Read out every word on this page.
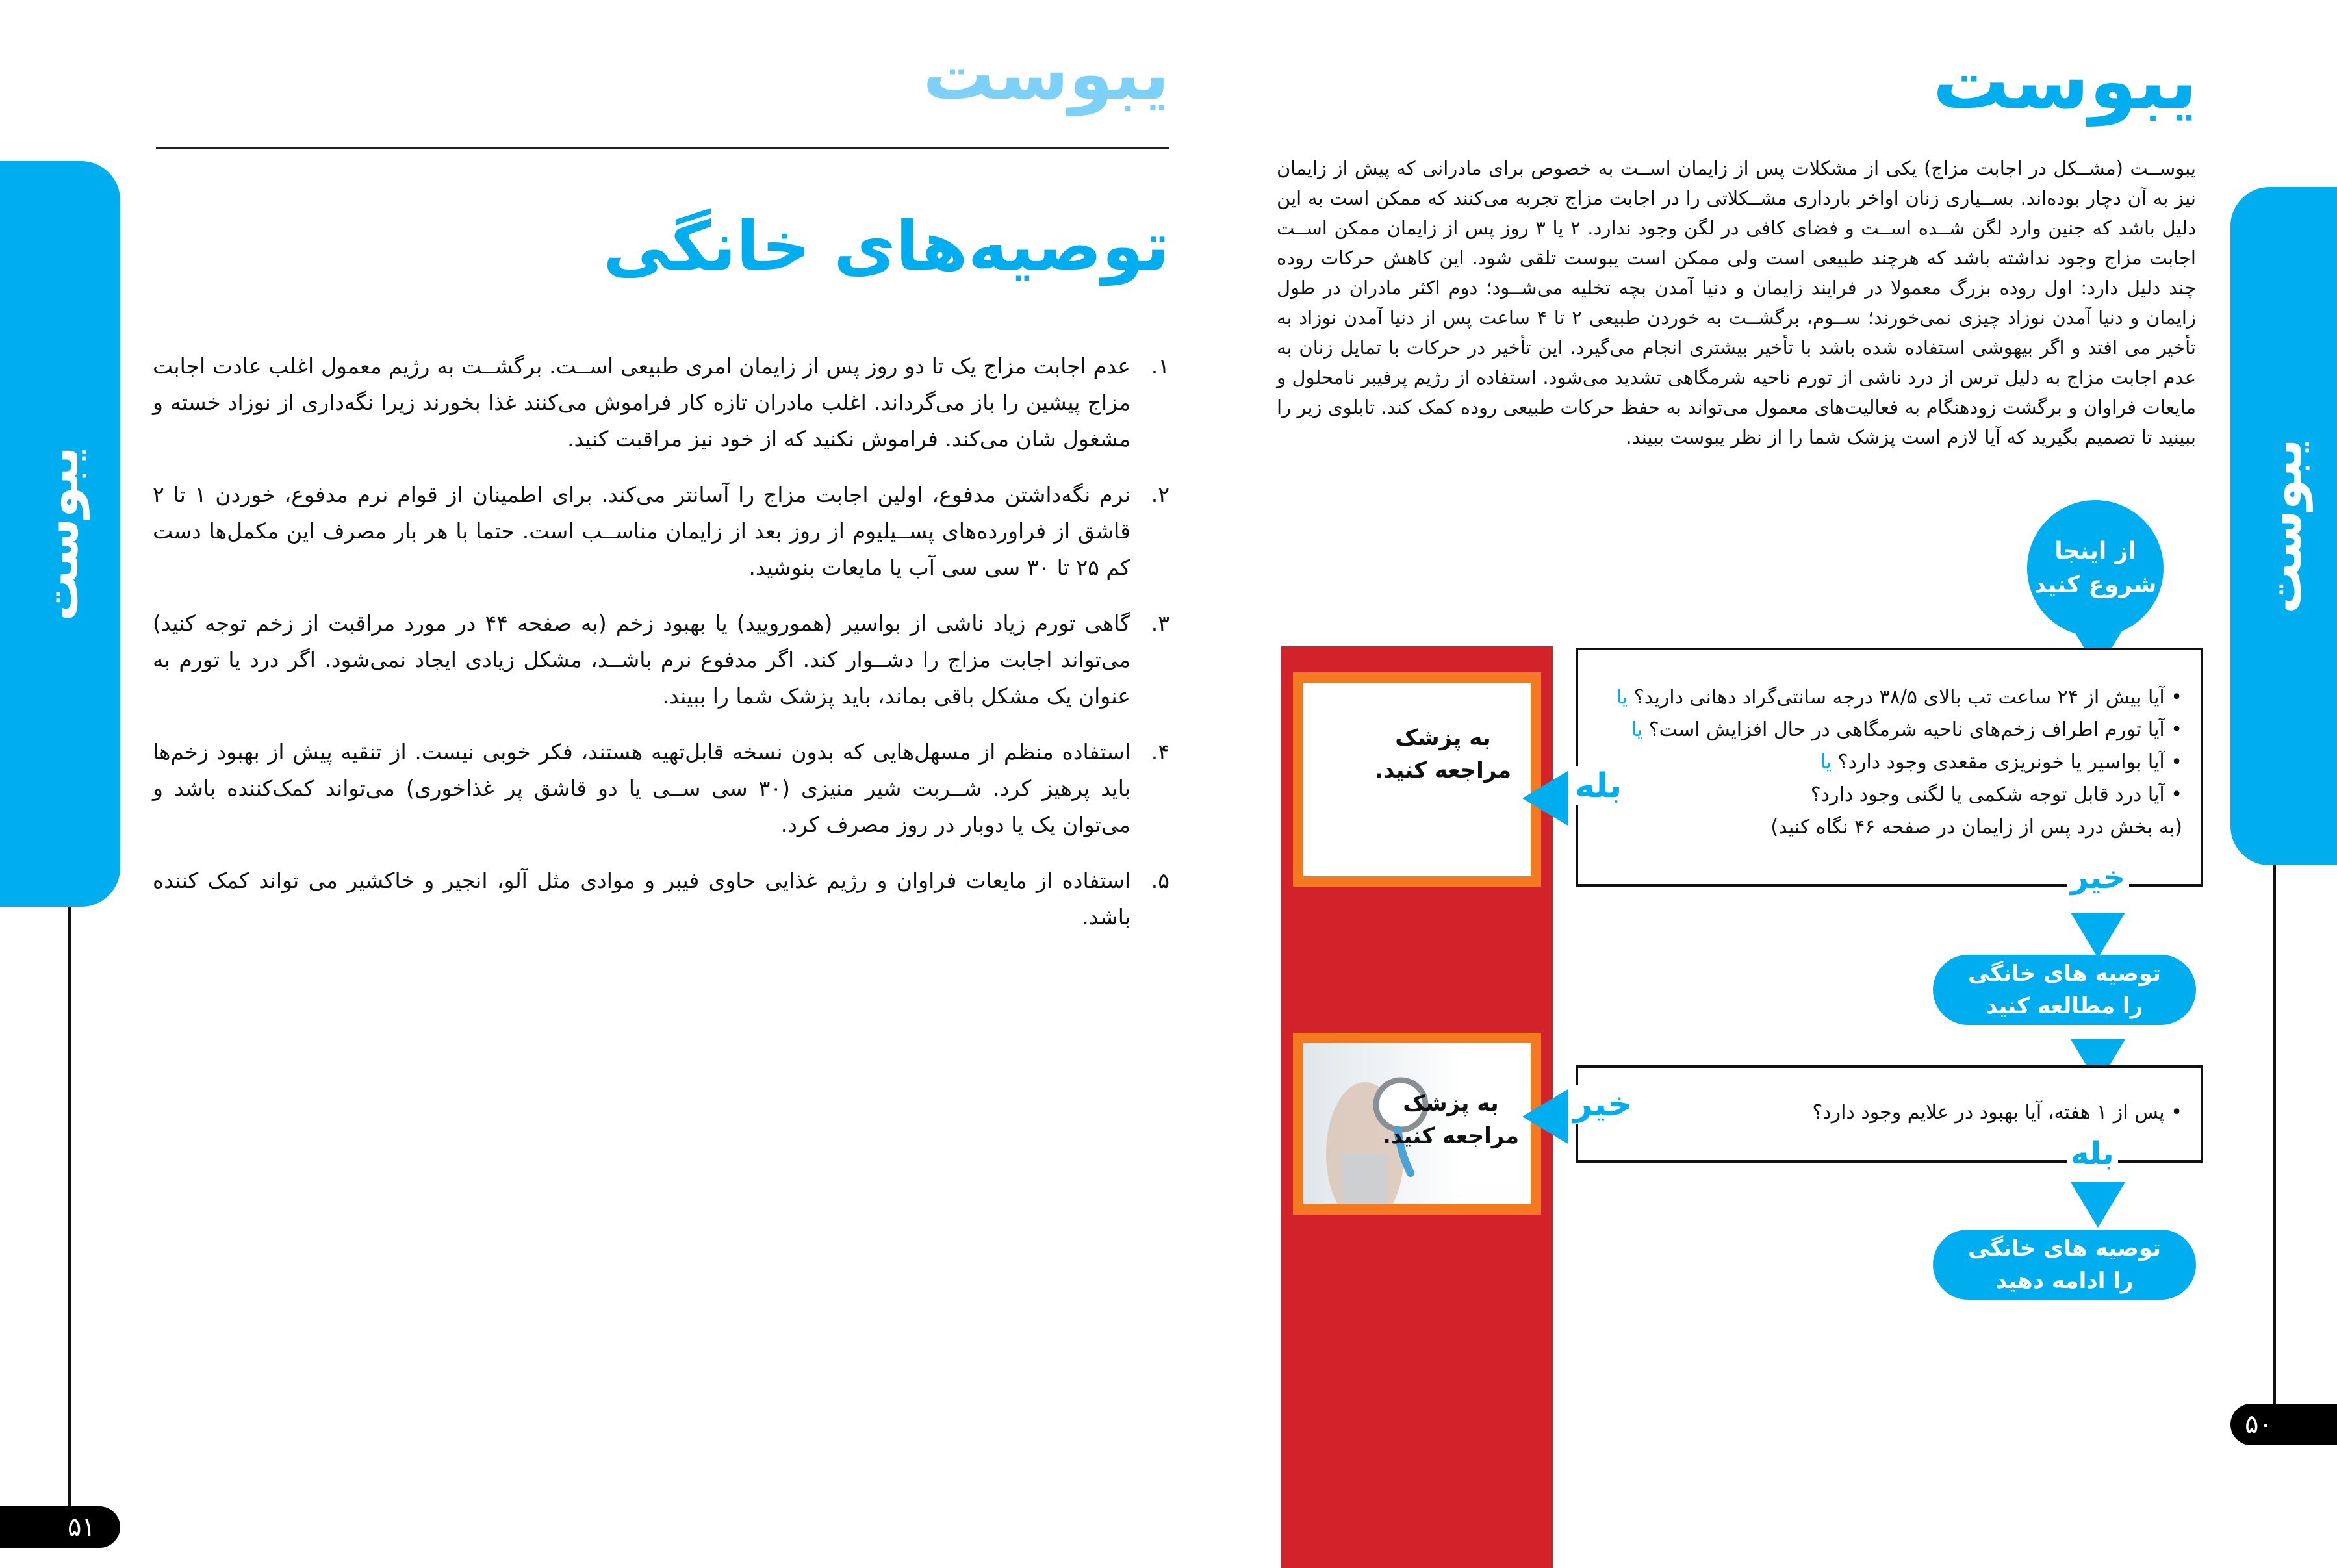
یبوست
۵۱
یبوست
توصیه‌های خانگی
۱.
عدم اجابت مزاج یک تا دو روز پس از زایمان امری طبیعی اســت. برگشــت به رژیم معمول اغلب عادت اجابت مزاج پیشین را باز می‌گرداند. اغلب مادران تازه کار فراموش می‌کنند غذا بخورند زیرا نگه‌داری از نوزاد خسته و مشغول شان می‌کند. فراموش نکنید که از خود نیز مراقبت کنید.
۲.
نرم نگه‌داشتن مدفوع، اولین اجابت مزاج را آسانتر می‌کند. برای اطمینان از قوام نرم مدفوع، خوردن ۱ تا ۲ قاشق از فراورده‌های پســیلیوم از روز بعد از زایمان مناســب است. حتما با هر بار مصرف این مکمل‌ها دست کم ۲۵ تا ۳۰ سی سی آب یا مایعات بنوشید.
۳.
گاهی تورم زیاد ناشی از بواسیر (هموروييد) یا بهبود زخم (به صفحه ۴۴ در مورد مراقبت از زخم توجه کنید) می‌تواند اجابت مزاج را دشــوار کند. اگر مدفوع نرم باشــد، مشکل زیادی ایجاد نمی‌شود. اگر درد یا تورم به عنوان یک مشکل باقی بماند، باید پزشک شما را ببیند.
۴.
استفاده منظم از مسهل‌هایی که بدون نسخه قابل‌تهیه هستند، فکر خوبی نیست. از تنقیه پیش از بهبود زخم‌ها باید پرهیز کرد. شــربت شیر منیزی (۳۰ سی ســی یا دو قاشق پر غذاخوری) می‌تواند کمک‌کننده باشد و می‌توان یک یا دوبار در روز مصرف کرد.
۵.
استفاده از مایعات فراوان و رژیم غذایی حاوی فیبر و موادی مثل آلو، انجیر و خاکشیر می تواند کمک کننده باشد.
یبوست
۵۰
یبوست
یبوســت (مشــکل در اجابت مزاج) یکی از مشکلات پس از زایمان اســت به خصوص برای مادرانی که پیش از زایمان نیز به آن دچار بوده‌اند. بســیاری زنان اواخر بارداری مشــکلاتی را در اجابت مزاج تجربه می‌کنند که ممکن است به این دلیل باشد که جنین وارد لگن شــده اســت و فضای کافی در لگن وجود ندارد. ۲ یا ۳ روز پس از زایمان ممکن اســت اجابت مزاج وجود نداشته باشد که هرچند طبیعی است ولی ممکن است یبوست تلقی شود. این کاهش حرکات روده چند دلیل دارد: اول روده بزرگ معمولا در فرایند زایمان و دنیا آمدن بچه تخلیه می‌شــود؛ دوم اکثر مادران در طول زایمان و دنیا آمدن نوزاد چیزی نمی‌خورند؛ ســوم، برگشــت به خوردن طبیعی ۲ تا ۴ ساعت پس از دنیا آمدن نوزاد به تأخیر می افتد و اگر بیهوشی استفاده شده باشد با تأخیر بیشتری انجام می‌گیرد. این تأخیر در حرکات با تمایل زنان به عدم اجابت مزاج به دلیل ترس از درد ناشی از تورم ناحیه شرمگاهی تشدید می‌شود. استفاده از رژیم پرفیبر نامحلول و مایعات فراوان و برگشت زودهنگام به فعالیت‌های معمول می‌تواند به حفظ حرکات طبیعی روده کمک کند. تابلوی زیر را ببینید تا تصمیم بگیرید که آیا لازم است پزشک شما را از نظر یبوست ببیند.
به پزشک
مراجعه کنید.
به پزشک
مراجعه کنید.
از اینجا
شروع کنید
• آیا بیش از ۲۴ ساعت تب بالای ۳۸/۵ درجه سانتی‌گراد دهانی دارید؟ یا
• آیا تورم اطراف زخم‌های ناحیه شرمگاهی در حال افزایش است؟ یا
• آیا بواسیر یا خونریزی مقعدی وجود دارد؟ یا
• آیا درد قابل توجه شکمی یا لگنی وجود دارد؟
(به بخش درد پس از زایمان در صفحه ۴۶ نگاه کنید)
بله
خیر
توصیه های خانگی
را مطالعه کنید
• پس از ۱ هفته، آیا بهبود در علایم وجود دارد؟
خیر
بله
توصیه های خانگی
را ادامه دهید
